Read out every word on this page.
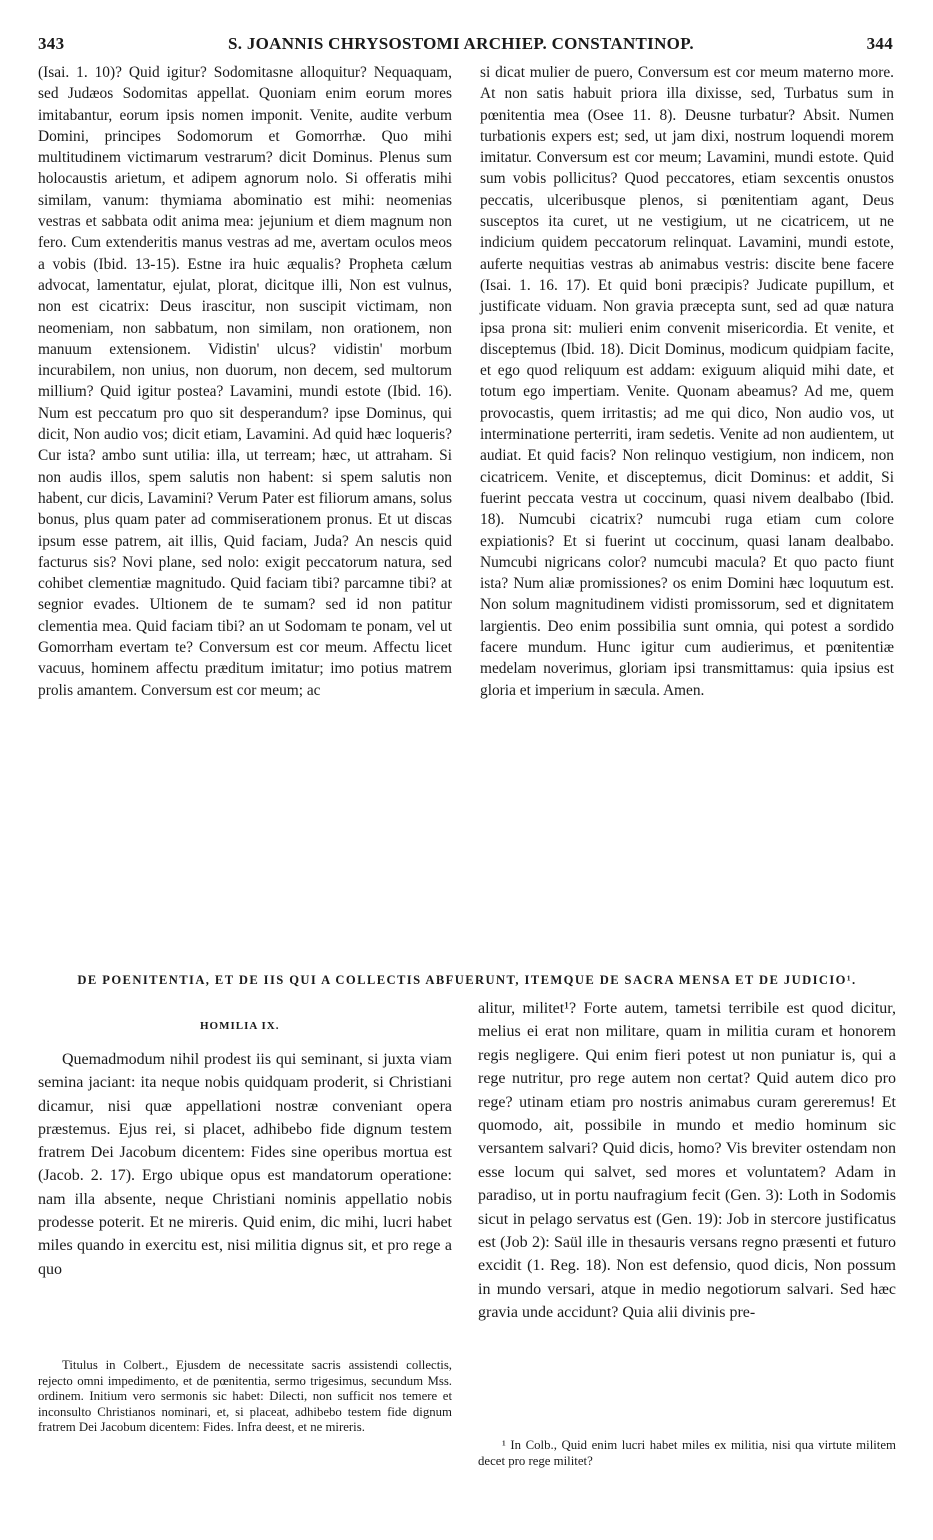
343	S. JOANNIS CHRYSOSTOMI ARCHIEP. CONSTANTINOP.	344

(Isai. 1. 10)? Quid igitur? Sodomitasne alloquitur? Nequaquam, sed Judæos Sodomitas appellat. Quoniam enim eorum mores imitabantur, eorum ipsis nomen imponit. Venite, audite verbum Domini, principes Sodomorum et Gomorrhæ. Quo mihi multitudinem victimarum vestrarum? dicit Dominus. Plenus sum holocaustis arietum, et adipem agnorum nolo. Si offeratis mihi similam, vanum: thymiama abominatio est mihi: neomenias vestras et sabbata odit anima mea: jejunium et diem magnum non fero. Cum extenderitis manus vestras ad me, avertam oculos meos a vobis (Ibid. 13-15). Estne ira huic æqualis? Propheta cælum advocat, lamentatur, ejulat, plorat, dicitque illi, Non est vulnus, non est cicatrix: Deus irascitur, non suscipit victimam, non neomeniam, non sabbatum, non similam, non orationem, non manuum extensionem. Vidistin' ulcus? vidistin' morbum incurabilem, non unius, non duorum, non decem, sed multorum millium? Quid igitur postea? Lavamini, mundi estote (Ibid. 16). Num est peccatum pro quo sit desperandum? ipse Dominus, qui dicit, Non audio vos; dicit etiam, Lavamini. Ad quid hæc loqueris? Cur ista? ambo sunt utilia: illa, ut terream; hæc, ut attraham. Si non audis illos, spem salutis non habent: si spem salutis non habent, cur dicis, Lavamini? Verum Pater est filiorum amans, solus bonus, plus quam pater ad commiserationem pronus. Et ut discas ipsum esse patrem, ait illis, Quid faciam, Juda? An nescis quid facturus sis? Novi plane, sed nolo: exigit peccatorum natura, sed cohibet clementiæ magnitudo. Quid faciam tibi? parcamne tibi? at segnior evades. Ultionem de te sumam? sed id non patitur clementia mea. Quid faciam tibi? an ut Sodomam te ponam, vel ut Gomorrham evertam te? Conversum est cor meum. Affectu licet vacuus, hominem affectu præditum imitatur; imo potius matrem prolis amantem. Conversum est cor meum; ac

si dicat mulier de puero, Conversum est cor meum materno more. At non satis habuit priora illa dixisse, sed, Turbatus sum in pœnitentia mea (Osee 11. 8). Deusne turbatur? Absit. Numen turbationis expers est; sed, ut jam dixi, nostrum loquendi morem imitatur. Conversum est cor meum; Lavamini, mundi estote. Quid sum vobis pollicitus? Quod peccatores, etiam sexcentis onustos peccatis, ulceribusque plenos, si pœnitentiam agant, Deus susceptos ita curet, ut ne vestigium, ut ne cicatricem, ut ne indicium quidem peccatorum relinquat. Lavamini, mundi estote, auferte nequitias vestras ab animabus vestris: discite bene facere (Isai. 1. 16. 17). Et quid boni præcipis? Judicate pupillum, et justificate viduam. Non gravia præcepta sunt, sed ad quæ natura ipsa prona sit: mulieri enim convenit misericordia. Et venite, et disceptemus (Ibid. 18). Dicit Dominus, modicum quidpiam facite, et ego quod reliquum est addam: exiguum aliquid mihi date, et totum ego impertiam. Venite. Quonam abeamus? Ad me, quem provocastis, quem irritastis; ad me qui dico, Non audio vos, ut interminatione perterriti, iram sedetis. Venite ad non audientem, ut audiat. Et quid facis? Non relinquo vestigium, non indicem, non cicatricem. Venite, et disceptemus, dicit Dominus: et addit, Si fuerint peccata vestra ut coccinum, quasi nivem dealbabo (Ibid. 18). Numcubi cicatrix? numcubi ruga etiam cum colore expiationis? Et si fuerint ut coccinum, quasi lanam dealbabo. Numcubi nigricans color? numcubi macula? Et quo pacto fiunt ista? Num aliæ promissiones? os enim Domini hæc loquutum est. Non solum magnitudinem vidisti promissorum, sed et dignitatem largientis. Deo enim possibilia sunt omnia, qui potest a sordido facere mundum. Hunc igitur cum audierimus, et pœnitentiæ medelam noverimus, gloriam ipsi transmittamus: quia ipsius est gloria et imperium in sæcula. Amen.

DE POENITENTIA, ET DE IIS QUI A COLLECTIS ABFUERUNT, ITEMQUE DE SACRA MENSA ET DE JUDICIO¹.
HOMILIA IX.

Quemadmodum nihil prodest iis qui seminant, si juxta viam semina jaciant: ita neque nobis quidquam proderit, si Christiani dicamur, nisi quæ appellationi nostræ conveniant opera præstemus. Ejus rei, si placet, adhibebo fide dignum testem fratrem Dei Jacobum dicentem: Fides sine operibus mortua est (Jacob. 2. 17). Ergo ubique opus est mandatorum operatione: nam illa absente, neque Christiani nominis appellatio nobis prodesse poterit. Et ne mireris. Quid enim, dic mihi, lucri habet miles quando in exercitu est, nisi militia dignus sit, et pro rege a quo

alitur, militet¹? Forte autem, tametsi terribile est quod dicitur, melius ei erat non militare, quam in militia curam et honorem regis negligere. Qui enim fieri potest ut non puniatur is, qui a rege nutritur, pro rege autem non certat? Quid autem dico pro rege? utinam etiam pro nostris animabus curam gereremus! Et quomodo, ait, possibile in mundo et medio hominum sic versantem salvari? Quid dicis, homo? Vis breviter ostendam non esse locum qui salvet, sed mores et voluntatem? Adam in paradiso, ut in portu naufragium fecit (Gen. 3): Loth in Sodomis sicut in pelago servatus est (Gen. 19): Job in stercore justificatus est (Job 2): Saül ille in thesauris versans regno præsenti et futuro excidit (1. Reg. 18). Non est defensio, quod dicis, Non possum in mundo versari, atque in medio negotiorum salvari. Sed hæc gravia unde accidunt? Quia alii divinis pre-

Titulus in Colbert., Ejusdem de necessitate sacris assistendi collectis, rejecto omni impedimento, et de pœnitentia, sermo trigesimus, secundum Mss. ordinem. Initium vero sermonis sic habet: Dilecti, non sufficit nos temere et inconsulto Christianos nominari, et, si placeat, adhibebo testem fide dignum fratrem Dei Jacobum dicentem: Fides. Infra deest, et ne mireris.

¹ In Colb., Quid enim lucri habet miles ex militia, nisi qua virtute militem decet pro rege militet?
